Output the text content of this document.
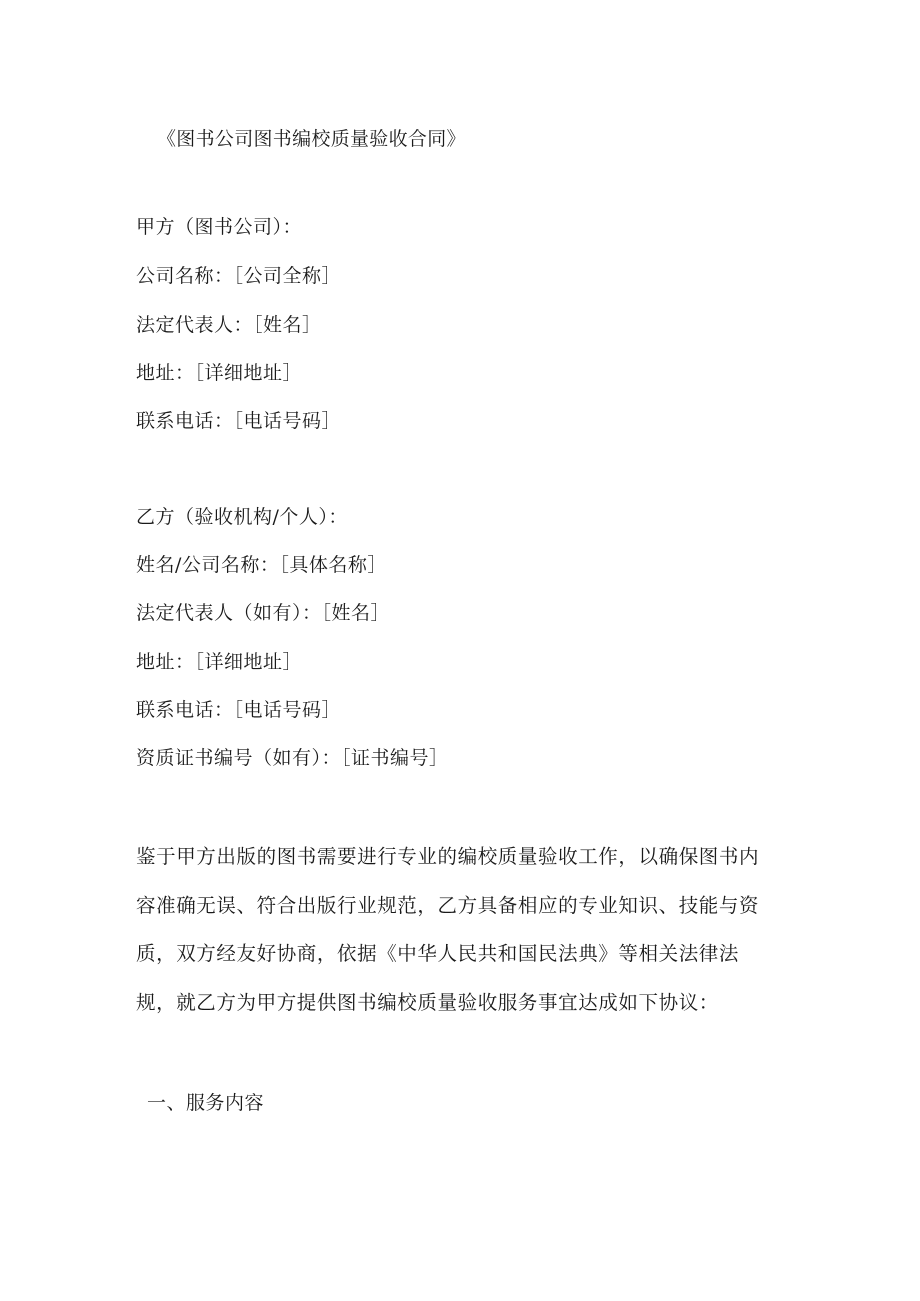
《图书公司图书编校质量验收合同》
甲方（图书公司）：
公司名称：［公司全称］
法定代表人：［姓名］
地址：［详细地址］
联系电话：［电话号码］
乙方（验收机构/个人）：
姓名/公司名称：［具体名称］
法定代表人（如有）：［姓名］
地址：［详细地址］
联系电话：［电话号码］
资质证书编号（如有）：［证书编号］
鉴于甲方出版的图书需要进行专业的编校质量验收工作，以确保图书内容准确无误、符合出版行业规范，乙方具备相应的专业知识、技能与资质，双方经友好协商，依据《中华人民共和国民法典》等相关法律法规，就乙方为甲方提供图书编校质量验收服务事宜达成如下协议：
一、服务内容
